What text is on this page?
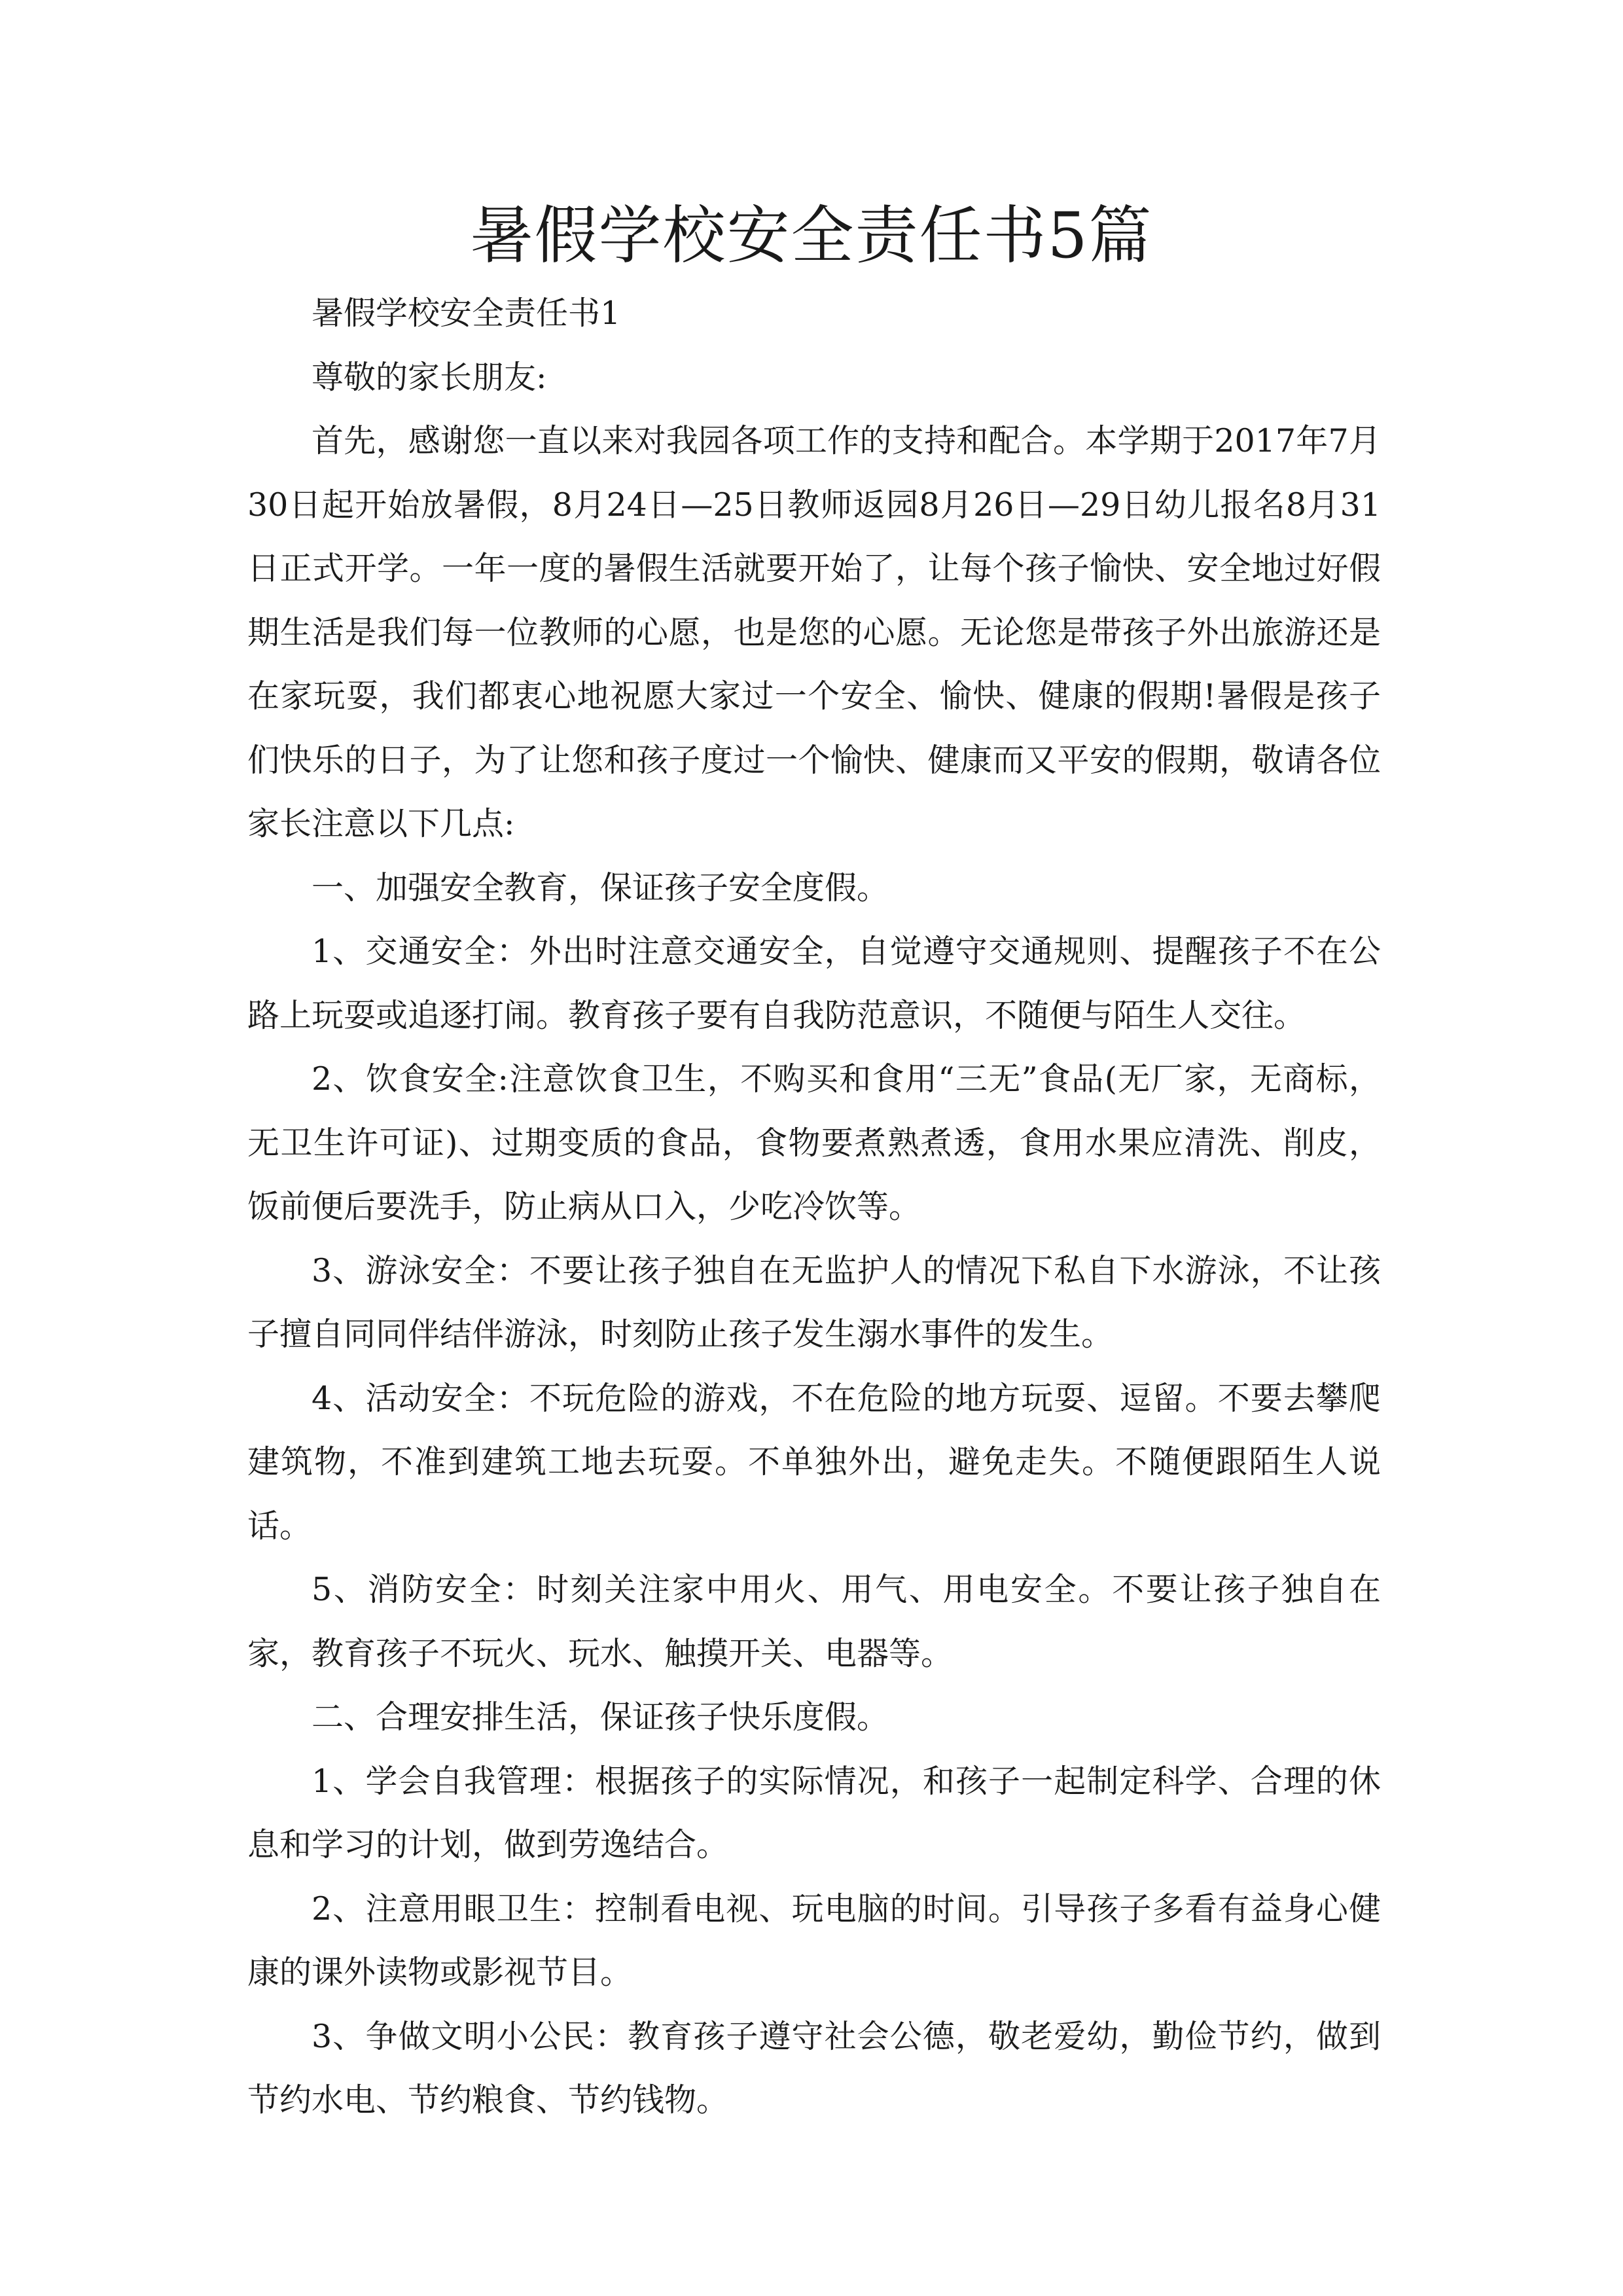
暑假学校安全责任书5篇

暑假学校安全责任书1

尊敬的家长朋友:

首先，感谢您一直以来对我园各项工作的支持和配合。本学期于2017年7月30日起开始放暑假，8月24日—25日教师返园8月26日—29日幼儿报名8月31日正式开学。一年一度的暑假生活就要开始了，让每个孩子愉快、安全地过好假期生活是我们每一位教师的心愿，也是您的心愿。无论您是带孩子外出旅游还是在家玩耍，我们都衷心地祝愿大家过一个安全、愉快、健康的假期!暑假是孩子们快乐的日子，为了让您和孩子度过一个愉快、健康而又平安的假期，敬请各位家长注意以下几点:

一、加强安全教育，保证孩子安全度假。

1、交通安全：外出时注意交通安全，自觉遵守交通规则、提醒孩子不在公路上玩耍或追逐打闹。教育孩子要有自我防范意识，不随便与陌生人交往。

2、饮食安全:注意饮食卫生，不购买和食用“三无”食品(无厂家，无商标，无卫生许可证)、过期变质的食品，食物要煮熟煮透，食用水果应清洗、削皮，饭前便后要洗手，防止病从口入，少吃冷饮等。

3、游泳安全：不要让孩子独自在无监护人的情况下私自下水游泳，不让孩子擅自同同伴结伴游泳，时刻防止孩子发生溺水事件的发生。

4、活动安全：不玩危险的游戏，不在危险的地方玩耍、逗留。不要去攀爬建筑物，不准到建筑工地去玩耍。不单独外出，避免走失。不随便跟陌生人说话。

5、消防安全：时刻关注家中用火、用气、用电安全。不要让孩子独自在家，教育孩子不玩火、玩水、触摸开关、电器等。

二、合理安排生活，保证孩子快乐度假。

1、学会自我管理：根据孩子的实际情况，和孩子一起制定科学、合理的休息和学习的计划，做到劳逸结合。

2、注意用眼卫生：控制看电视、玩电脑的时间。引导孩子多看有益身心健康的课外读物或影视节目。

3、争做文明小公民：教育孩子遵守社会公德，敬老爱幼，勤俭节约，做到节约水电、节约粮食、节约钱物。
